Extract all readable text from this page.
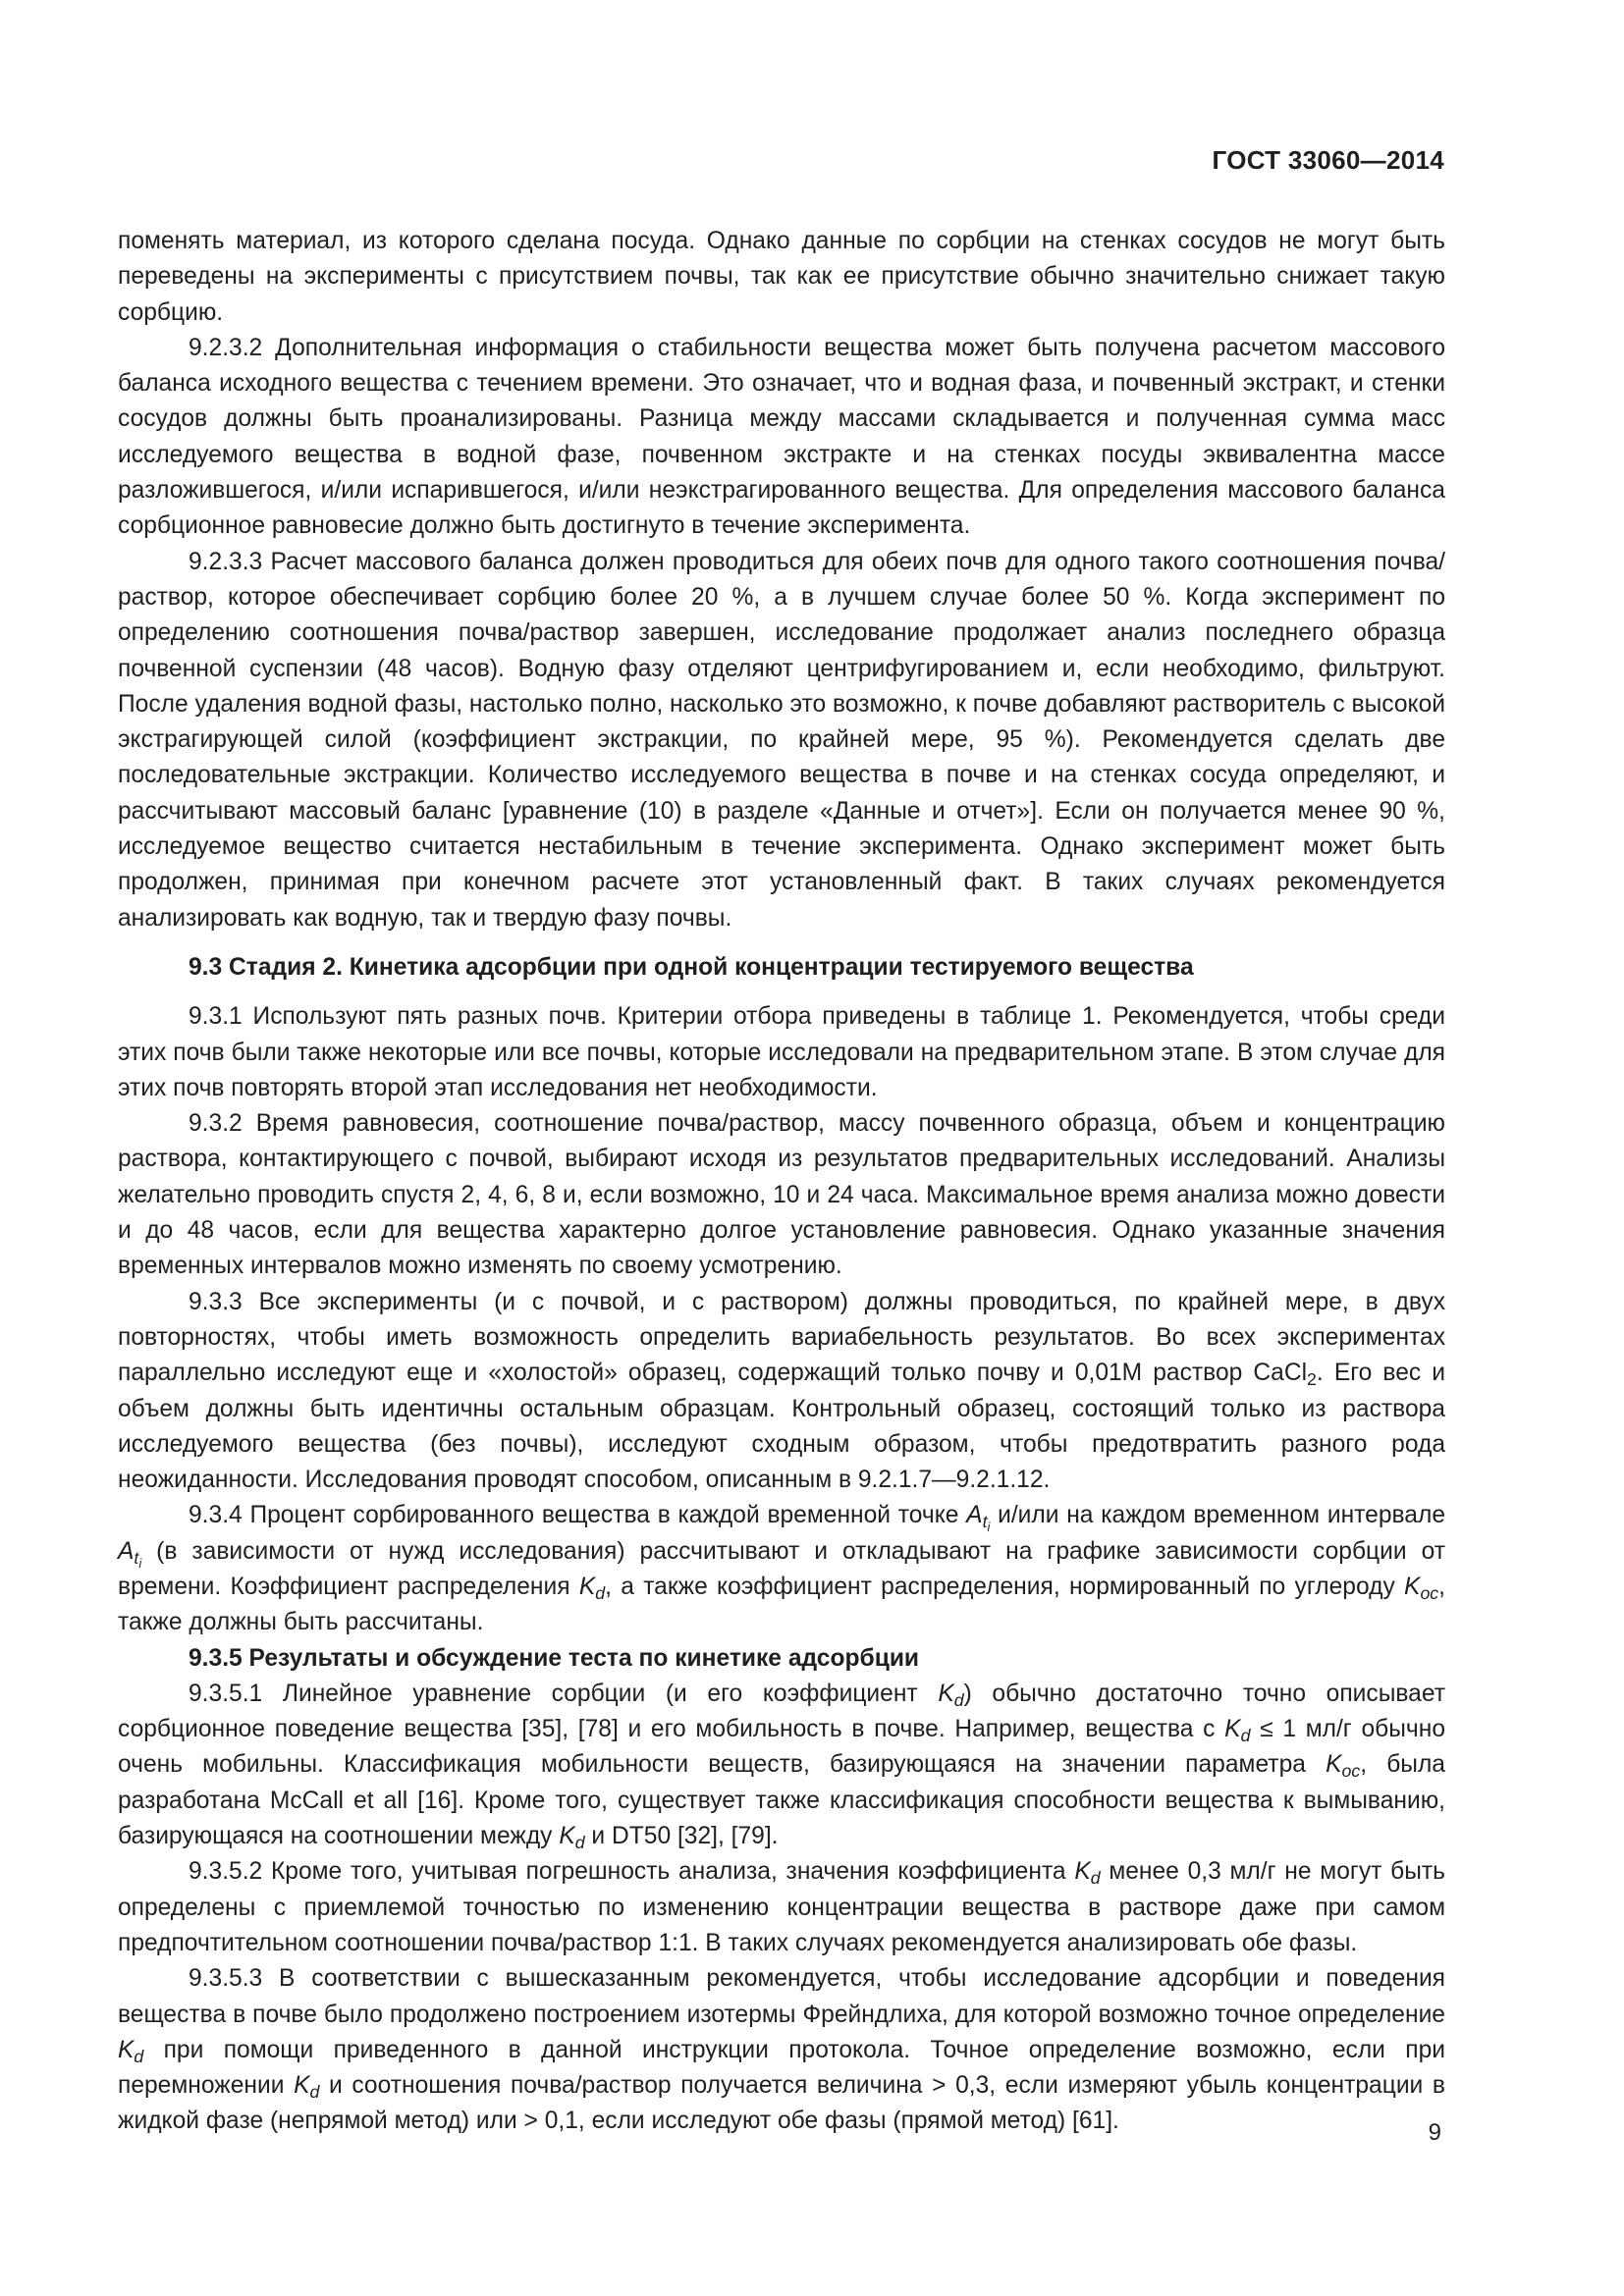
ГОСТ 33060—2014

поменять материал, из которого сделана посуда. Однако данные по сорбции на стенках сосудов не могут быть переведены на эксперименты с присутствием почвы, так как ее присутствие обычно значительно снижает такую сорбцию.

9.2.3.2 Дополнительная информация о стабильности вещества может быть получена расчетом массового баланса исходного вещества с течением времени. Это означает, что и водная фаза, и почвенный экстракт, и стенки сосудов должны быть проанализированы. Разница между массами складывается и полученная сумма масс исследуемого вещества в водной фазе, почвенном экстракте и на стенках посуды эквивалентна массе разложившегося, и/или испарившегося, и/или неэкстрагированного вещества. Для определения массового баланса сорбционное равновесие должно быть достигнуто в течение эксперимента.

9.2.3.3 Расчет массового баланса должен проводиться для обеих почв для одного такого соотношения почва/раствор, которое обеспечивает сорбцию более 20 %, а в лучшем случае более 50 %. Когда эксперимент по определению соотношения почва/раствор завершен, исследование продолжает анализ последнего образца почвенной суспензии (48 часов). Водную фазу отделяют центрифугированием и, если необходимо, фильтруют. После удаления водной фазы, настолько полно, насколько это возможно, к почве добавляют растворитель с высокой экстрагирующей силой (коэффициент экстракции, по крайней мере, 95 %). Рекомендуется сделать две последовательные экстракции. Количество исследуемого вещества в почве и на стенках сосуда определяют, и рассчитывают массовый баланс [уравнение (10) в разделе «Данные и отчет»]. Если он получается менее 90 %, исследуемое вещество считается нестабильным в течение эксперимента. Однако эксперимент может быть продолжен, принимая при конечном расчете этот установленный факт. В таких случаях рекомендуется анализировать как водную, так и твердую фазу почвы.

9.3 Стадия 2. Кинетика адсорбции при одной концентрации тестируемого вещества

9.3.1 Используют пять разных почв. Критерии отбора приведены в таблице 1. Рекомендуется, чтобы среди этих почв были также некоторые или все почвы, которые исследовали на предварительном этапе. В этом случае для этих почв повторять второй этап исследования нет необходимости.

9.3.2 Время равновесия, соотношение почва/раствор, массу почвенного образца, объем и концентрацию раствора, контактирующего с почвой, выбирают исходя из результатов предварительных исследований. Анализы желательно проводить спустя 2, 4, 6, 8 и, если возможно, 10 и 24 часа. Максимальное время анализа можно довести и до 48 часов, если для вещества характерно долгое установление равновесия. Однако указанные значения временных интервалов можно изменять по своему усмотрению.

9.3.3 Все эксперименты (и с почвой, и с раствором) должны проводиться, по крайней мере, в двух повторностях, чтобы иметь возможность определить вариабельность результатов. Во всех экспериментах параллельно исследуют еще и «холостой» образец, содержащий только почву и 0,01М раствор CaCl$_2$. Его вес и объем должны быть идентичны остальным образцам. Контрольный образец, состоящий только из раствора исследуемого вещества (без почвы), исследуют сходным образом, чтобы предотвратить разного рода неожиданности. Исследования проводят способом, описанным в 9.2.1.7—9.2.1.12.

9.3.4 Процент сорбированного вещества в каждой временной точке $A_{t_i}$ и/или на каждом временном интервале $A_{t_i}$ (в зависимости от нужд исследования) рассчитывают и откладывают на графике зависимости сорбции от времени. Коэффициент распределения $K_d$, а также коэффициент распределения, нормированный по углероду $K_{oc}$, также должны быть рассчитаны.

9.3.5 Результаты и обсуждение теста по кинетике адсорбции

9.3.5.1 Линейное уравнение сорбции (и его коэффициент $K_d$) обычно достаточно точно описывает сорбционное поведение вещества [35], [78] и его мобильность в почве. Например, вещества с $K_d \le 1$ мл/г обычно очень мобильны. Классификация мобильности веществ, базирующаяся на значении параметра $K_{oc}$, была разработана McCall et all [16]. Кроме того, существует также классификация способности вещества к вымыванию, базирующаяся на соотношении между $K_d$ и DT50 [32], [79].

9.3.5.2 Кроме того, учитывая погрешность анализа, значения коэффициента $K_d$ менее 0,3 мл/г не могут быть определены с приемлемой точностью по изменению концентрации вещества в растворе даже при самом предпочтительном соотношении почва/раствор 1:1. В таких случаях рекомендуется анализировать обе фазы.

9.3.5.3 В соответствии с вышесказанным рекомендуется, чтобы исследование адсорбции и поведения вещества в почве было продолжено построением изотермы Фрейндлиха, для которой возможно точное определение $K_d$ при помощи приведенного в данной инструкции протокола. Точное определение возможно, если при перемножении $K_d$ и соотношения почва/раствор получается величина > 0,3, если измеряют убыль концентрации в жидкой фазе (непрямой метод) или > 0,1, если исследуют обе фазы (прямой метод) [61].	9
